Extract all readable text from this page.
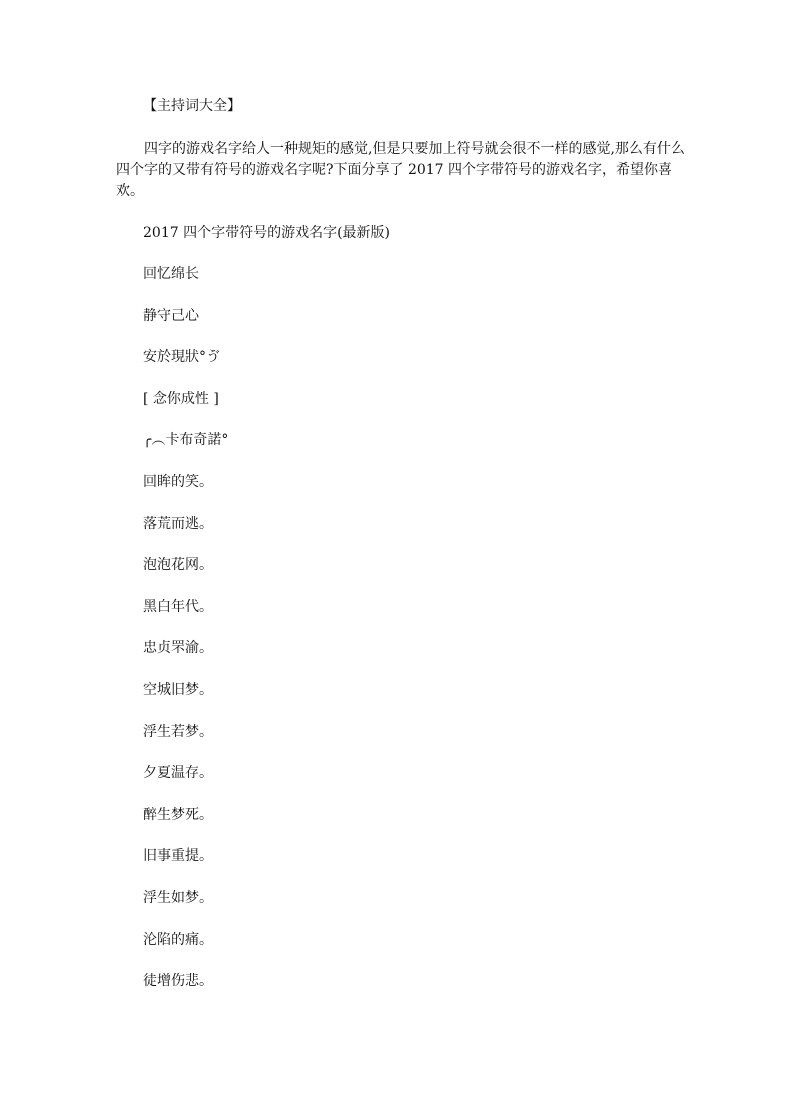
【主持词大全】

四字的游戏名字给人一种规矩的感觉,但是只要加上符号就会很不一样的感觉,那么有什么四个字的又带有符号的游戏名字呢?下面分享了 2017 四个字带符号的游戏名字，希望你喜欢。

2017 四个字带符号的游戏名字(最新版)
回忆绵长
静守己心
安於現狀°ゔ
[ 念你成性 ]
╭︵卡布奇諾°
回眸的笑。
落荒而逃。
泡泡花网。
黑白年代。
忠贞罘渝。
空城旧梦。
浮生若梦。
夕夏温存。
醉生梦死。
旧事重提。
浮生如梦。
沦陷的痛。
徒增伤悲。
